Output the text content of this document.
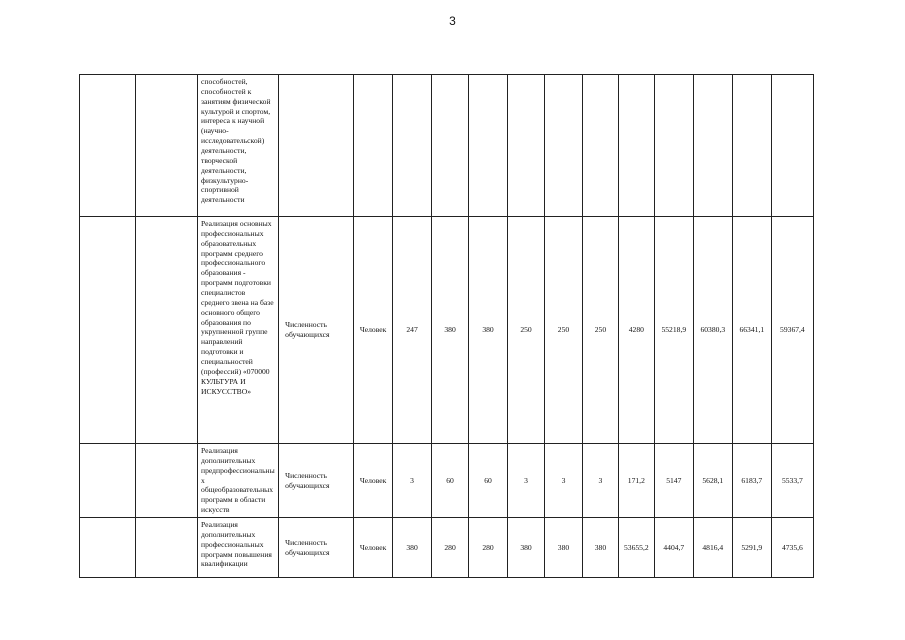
3
		способностей, способностей к занятиям физической культурой и спортом, интереса к научной (научно-исследовательской) деятельности, творческой деятельности, физкультурно-спортивной деятельности													
		Реализация основных профессиональных образовательных программ среднего профессионального образования - программ подготовки специалистов среднего звена на базе основного общего образования по укрупненной группе направлений подготовки и специальностей (профессий) «070000 КУЛЬТУРА И ИСКУССТВО»	Численность обучающихся	Человек	247	380	380	250	250	250	4280	55218,9	60380,3	66341,1	59367,4
		Реализация дополнительных предпрофессиональных общеобразовательных программ в области искусств	Численность обучающихся	Человек	3	60	60	3	3	3	171,2	5147	5628,1	6183,7	5533,7
		Реализация дополнительных профессиональных программ повышения квалификации	Численность обучающихся	Человек	380	280	280	380	380	380	53655,2	4404,7	4816,4	5291,9	4735,6
